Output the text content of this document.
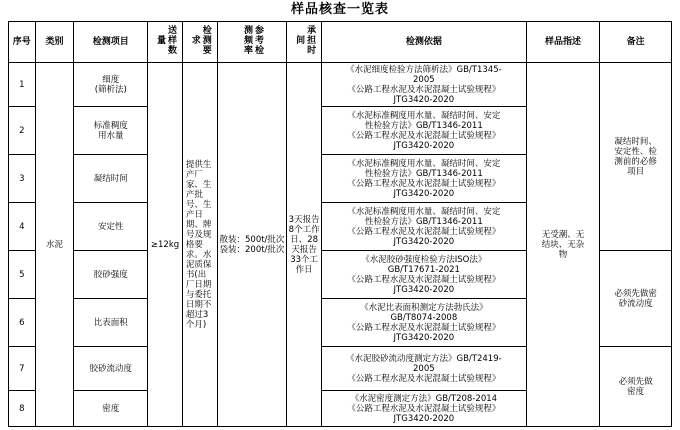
样品核查一览表
序号	类别	检测项目	送样数量	检测要求	参考检测频率	承担时间	检测依据	样品指述	备注
1	水泥	细度
(筛析法)	≥12kg	提供生产厂家、生产批号、生产日期、牌号及规格要求。水泥质保书(出厂日期与委托日期不超过3个月)	散装：500t/批次
袋装：200t/批次	3天报告
8个工作日、28
天报告
33个工作日	《水泥细度检验方法筛析法》GB/T1345-
2005
《公路工程水泥及水泥混凝土试验规程》
JTG3420-2020	无受潮、无
结块、无杂
物	凝结时间、
安定性、检
测前的必修
项目

2		标准稠度
用水量					《水泥标准稠度用水量、凝结时间、安定
性检验方法》GB/T1346-2011
《公路工程水泥及水泥混凝土试验规程》
JTG3420-2020		

3		凝结时间					《水泥标准稠度用水量、凝结时间、安定
性检验方法》GB/T1346-2011
《公路工程水泥及水泥混凝土试验规程》
JTG3420-2020		

4		安定性					《水泥标准稠度用水量、凝结时间、安定
性检验方法》GB/T1346-2011
《公路工程水泥及水泥混凝土试验规程》
JTG3420-2020		

5		胶砂强度					《水泥胶砂强度检验方法ISO法》
GB/T17671-2021
《公路工程水泥及水泥混凝土试验规程》
JTG3420-2020		必须先做密
砂流动度

6		比表面积					《水泥比表面积测定方法勃氏法》
GB/T8074-2008
《公路工程水泥及水泥混凝土试验规程》
JTG3420-2020		

7		胶砂流动度					《水泥胶砂流动度测定方法》GB/T2419-
2005
《公路工程水泥及水泥混凝土试验规程》		必须先做
密度

8		密度					《水泥密度测定方法》GB/T208-2014
《公路工程水泥及水泥混凝土试验规程》
JTG3420-2020		
